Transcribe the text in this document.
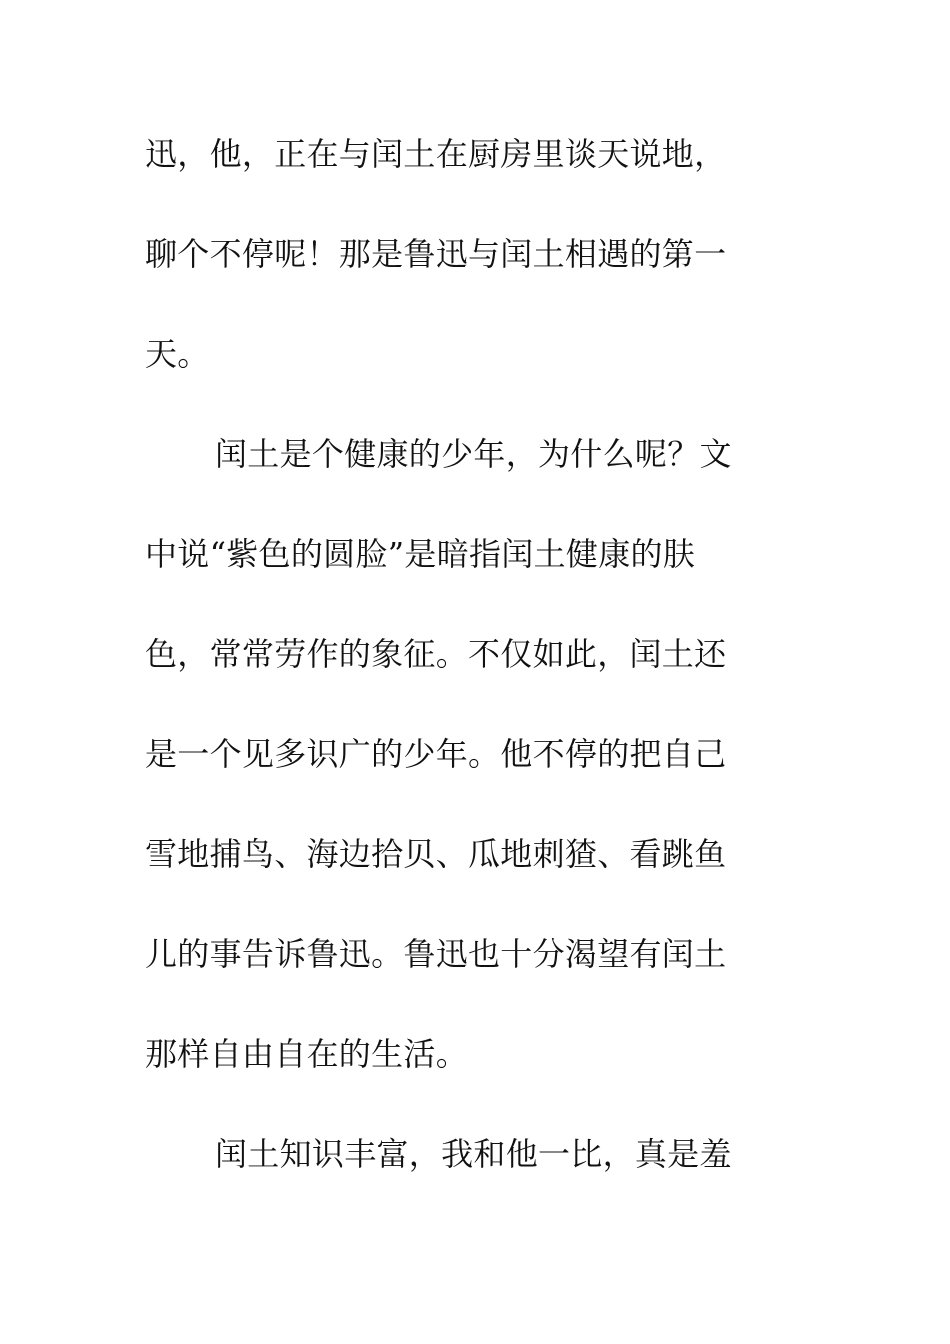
迅，他，正在与闰土在厨房里谈天说地，
聊个不停呢！那是鲁迅与闰土相遇的第一
天。
闰土是个健康的少年，为什么呢？文
中说“紫色的圆脸”是暗指闰土健康的肤
色，常常劳作的象征。不仅如此，闰土还
是一个见多识广的少年。他不停的把自己
雪地捕鸟、海边拾贝、瓜地刺猹、看跳鱼
儿的事告诉鲁迅。鲁迅也十分渴望有闰土
那样自由自在的生活。
闰土知识丰富，我和他一比，真是羞
